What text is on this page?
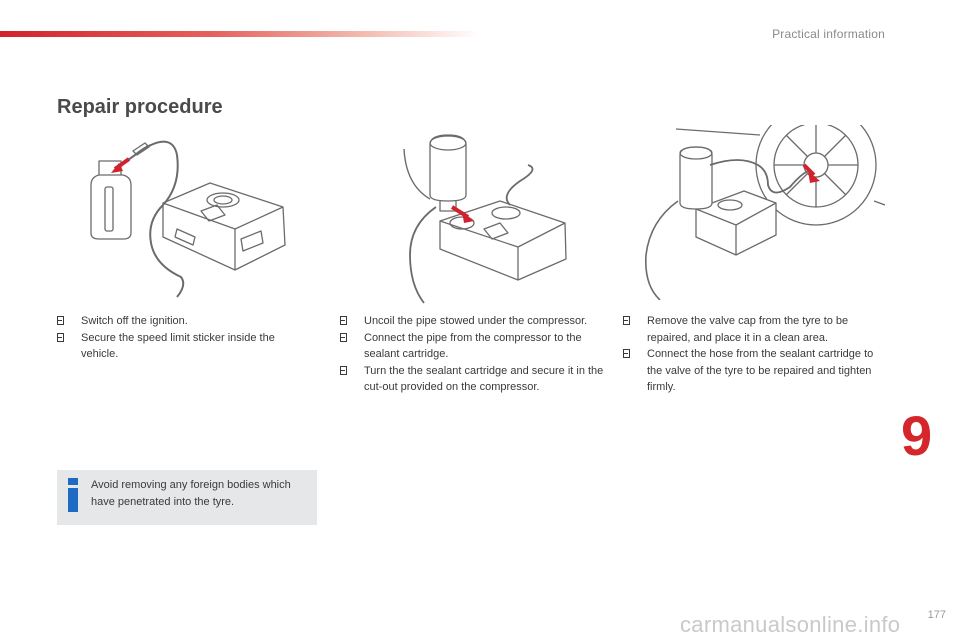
Practical information
Repair procedure
Switch off the ignition.
Secure the speed limit sticker inside the vehicle.
Uncoil the pipe stowed under the compressor.
Connect the pipe from the compressor to the sealant cartridge.
Turn the the sealant cartridge and secure it in the cut-out provided on the compressor.
Remove the valve cap from the tyre to be repaired, and place it in a clean area.
Connect the hose from the sealant cartridge to the valve of the tyre to be repaired and tighten firmly.
Avoid removing any foreign bodies which have penetrated into the tyre.
9
carmanualsonline.info 177
